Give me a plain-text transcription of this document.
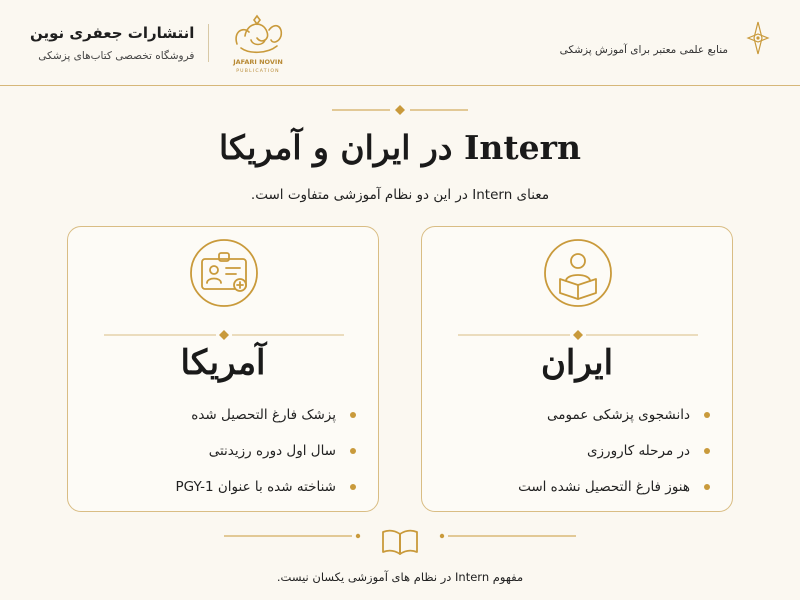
JAFARI NOVIN
PUBLICATION
انتشارات جعفری نوین
فروشگاه تخصصی کتاب‌های پزشکی	منابع علمی معتبر برای آموزش پزشکی
Intern در ایران و آمریکا

معنای Intern در این دو نظام آموزشی متفاوت است.

ایران
دانشجوی پزشکی عمومی
در مرحله کارورزی
هنوز فارغ التحصیل نشده است
آمریکا
پزشک فارغ التحصیل شده
سال اول دوره رزیدنتی
شناخته شده با عنوان PGY-1

مفهوم Intern در نظام های آموزشی یکسان نیست.
